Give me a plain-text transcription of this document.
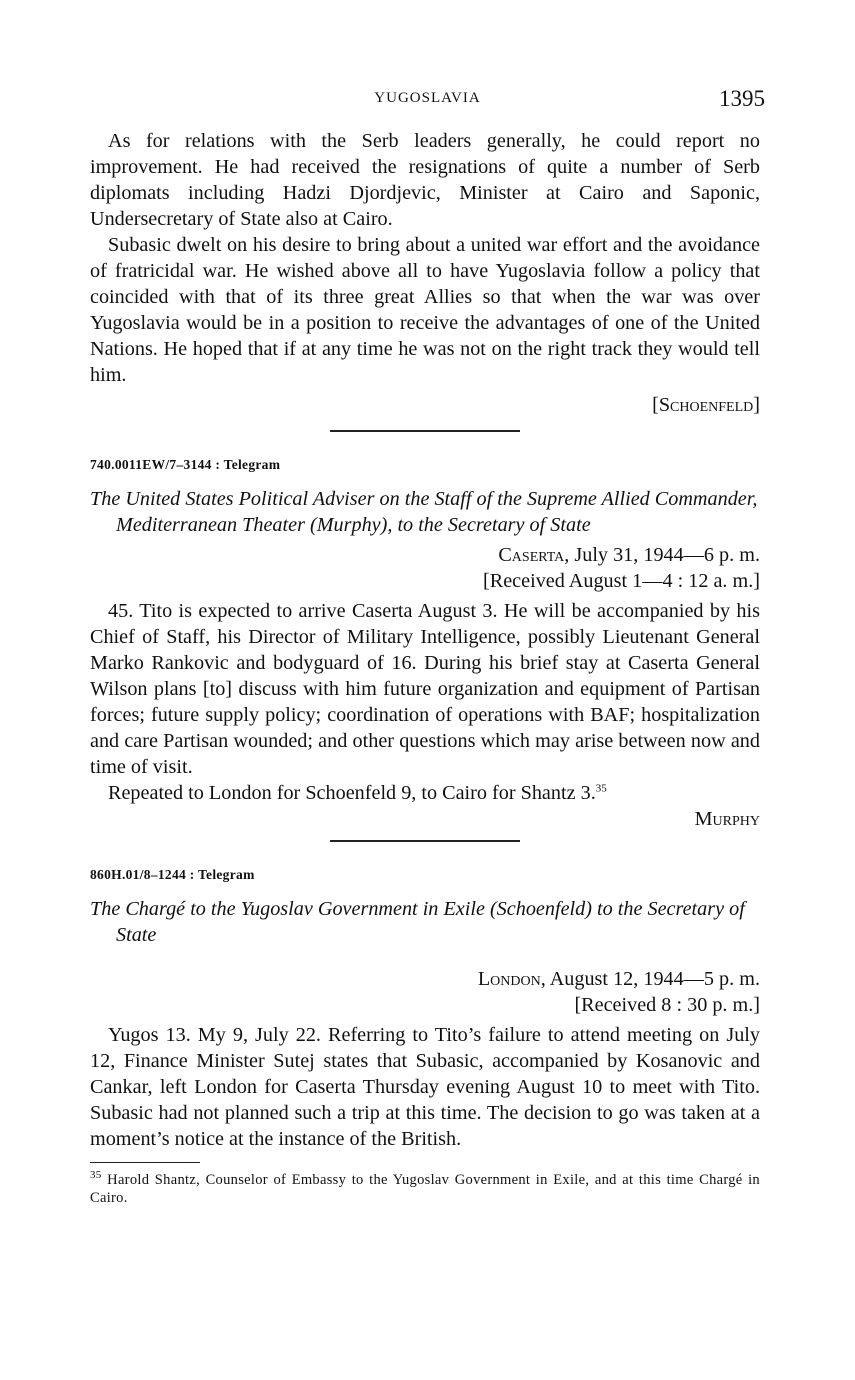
YUGOSLAVIA	1395

As for relations with the Serb leaders generally, he could report no improvement. He had received the resignations of quite a number of Serb diplomats including Hadzi Djordjevic, Minister at Cairo and Saponic, Undersecretary of State also at Cairo.

Subasic dwelt on his desire to bring about a united war effort and the avoidance of fratricidal war. He wished above all to have Yugoslavia follow a policy that coincided with that of its three great Allies so that when the war was over Yugoslavia would be in a position to receive the advantages of one of the United Nations. He hoped that if at any time he was not on the right track they would tell him.

[Schoenfeld]
740.0011EW/7–3144 : Telegram
The United States Political Adviser on the Staff of the Supreme Allied Commander, Mediterranean Theater (Murphy), to the Secretary of State
Caserta, July 31, 1944—6 p. m.
[Received August 1—4 : 12 a. m.]

45. Tito is expected to arrive Caserta August 3. He will be accompanied by his Chief of Staff, his Director of Military Intelligence, possibly Lieutenant General Marko Rankovic and bodyguard of 16. During his brief stay at Caserta General Wilson plans [to] discuss with him future organization and equipment of Partisan forces; future supply policy; coordination of operations with BAF; hospitalization and care Partisan wounded; and other questions which may arise between now and time of visit.

Repeated to London for Schoenfeld 9, to Cairo for Shantz 3.35

Murphy
860H.01/8–1244 : Telegram
The Chargé to the Yugoslav Government in Exile (Schoenfeld) to the Secretary of State
London, August 12, 1944—5 p. m.
[Received 8 : 30 p. m.]

Yugos 13. My 9, July 22. Referring to Tito’s failure to attend meeting on July 12, Finance Minister Sutej states that Subasic, accompanied by Kosanovic and Cankar, left London for Caserta Thursday evening August 10 to meet with Tito. Subasic had not planned such a trip at this time. The decision to go was taken at a moment’s notice at the instance of the British.

$^{35}$ Harold Shantz, Counselor of Embassy to the Yugoslav Government in Exile, and at this time Chargé in Cairo.
